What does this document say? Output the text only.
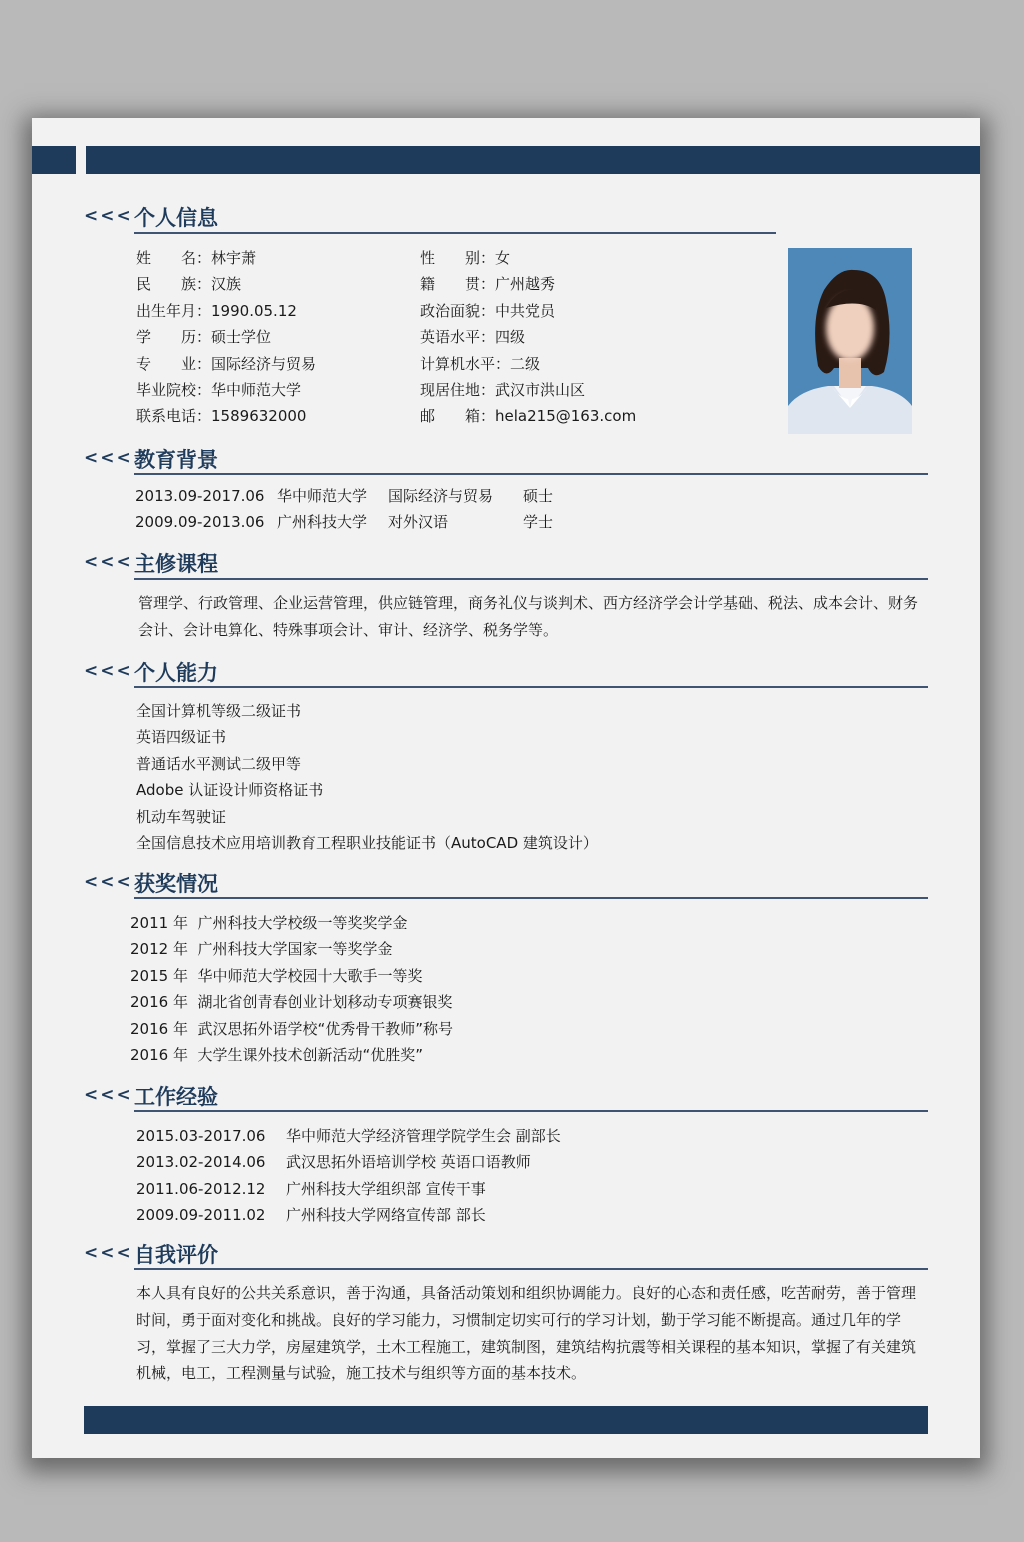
<<< 个人信息
姓　　名：林宇萧
民　　族：汉族
出生年月：1990.05.12
学　　历：硕士学位
专　　业：国际经济与贸易
毕业院校：华中师范大学
联系电话：1589632000
性　　别：女
籍　　贯：广州越秀
政治面貌：中共党员
英语水平：四级
计算机水平：二级
现居住地：武汉市洪山区
邮　　箱：hela215@163.com
<<< 教育背景
2013.09-2017.06 华中师范大学 国际经济与贸易 硕士
2009.09-2013.06 广州科技大学 对外汉语	学士
<<< 主修课程
管理学、行政管理、企业运营管理，供应链管理，商务礼仪与谈判术、西方经济学会计学基础、税法、成本会计、财务会计、会计电算化、特殊事项会计、审计、经济学、税务学等。
<<< 个人能力
全国计算机等级二级证书
英语四级证书
普通话水平测试二级甲等
Adobe 认证设计师资格证书
机动车驾驶证
全国信息技术应用培训教育工程职业技能证书（AutoCAD 建筑设计）
<<< 获奖情况
2011 年 广州科技大学校级一等奖奖学金
2012 年 广州科技大学国家一等奖学金
2015 年 华中师范大学校园十大歌手一等奖
2016 年 湖北省创青春创业计划移动专项赛银奖
2016 年 武汉思拓外语学校“优秀骨干教师”称号
2016 年 大学生课外技术创新活动“优胜奖”
<<< 工作经验
2015.03-2017.06 华中师范大学经济管理学院学生会 副部长
2013.02-2014.06 武汉思拓外语培训学校 英语口语教师
2011.06-2012.12 广州科技大学组织部 宣传干事
2009.09-2011.02 广州科技大学网络宣传部 部长
<<< 自我评价
本人具有良好的公共关系意识，善于沟通，具备活动策划和组织协调能力。良好的心态和责任感，吃苦耐劳，善于管理时间，勇于面对变化和挑战。良好的学习能力，习惯制定切实可行的学习计划，勤于学习能不断提高。通过几年的学习，掌握了三大力学，房屋建筑学，土木工程施工，建筑制图，建筑结构抗震等相关课程的基本知识，掌握了有关建筑机械，电工，工程测量与试验，施工技术与组织等方面的基本技术。
